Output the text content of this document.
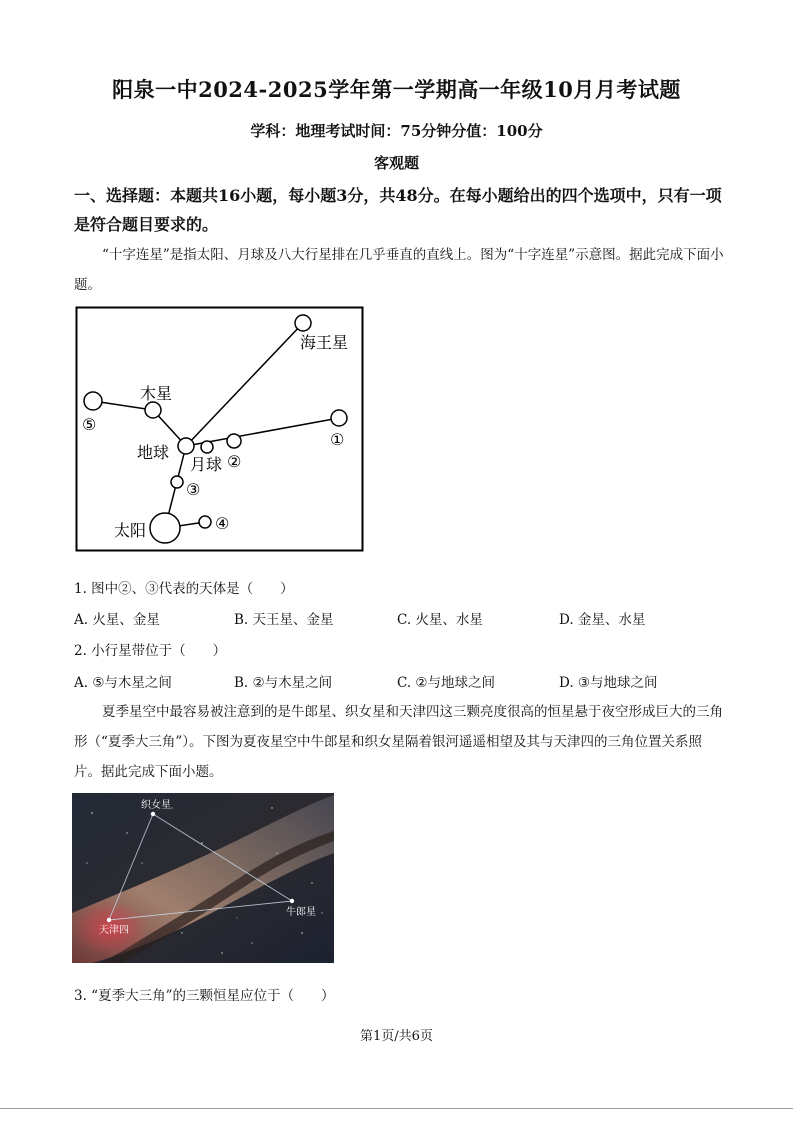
阳泉一中2024-2025学年第一学期高一年级10月月考试题
学科：地理考试时间：75分钟分值：100分
客观题
一、选择题：本题共16小题，每小题3分，共48分。在每小题给出的四个选项中，只有一项是符合题目要求的。
“十字连星”是指太阳、月球及八大行星排在几乎垂直的直线上。图为“十字连星”示意图。据此完成下面小题。
海王星
木星
地球
月球
太阳
①
②
③
④
⑤
1. 图中②、③代表的天体是（　　）
A. 火星、金星	B. 天王星、金星	C. 火星、水星	D. 金星、水星
2. 小行星带位于（　　）
A. ⑤与木星之间	B. ②与木星之间	C. ②与地球之间	D. ③与地球之间
夏季星空中最容易被注意到的是牛郎星、织女星和天津四这三颗亮度很高的恒星悬于夜空形成巨大的三角形（“夏季大三角”）。下图为夏夜星空中牛郎星和织女星隔着银河遥遥相望及其与天津四的三角位置关系照片。据此完成下面小题。
织女星
牛郎星
天津四
3. “夏季大三角”的三颗恒星应位于（　　）
第1页/共6页
